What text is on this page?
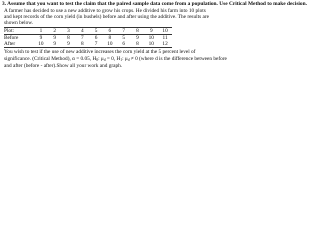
3. Assume that you want to test the claim that the paired sample data come from a population. Use Critical Method to make decision.
A farmer has decided to use a new additive to grow his crops. He divided his farm into 10 plots
and kept records of the corn yield (in bushels) before and after using the additive. The results are
shown below.
Plot:	1	2	3	4	5	6	7	8	9	10
Before	9	9	8	7	6	8	5	9	10	11
After	10	9	9	8	7	10	6	8	10	12
You wish to test if the use of new additive increases the corn yield at the 5 percent level of
significance. (Critical Method), α = 0.05, $H_0$: $\mu_d = 0$, $H_1$: $\mu_d \ne 0$ (where d is the difference between before
and after (before - after).Show all your work and graph.
